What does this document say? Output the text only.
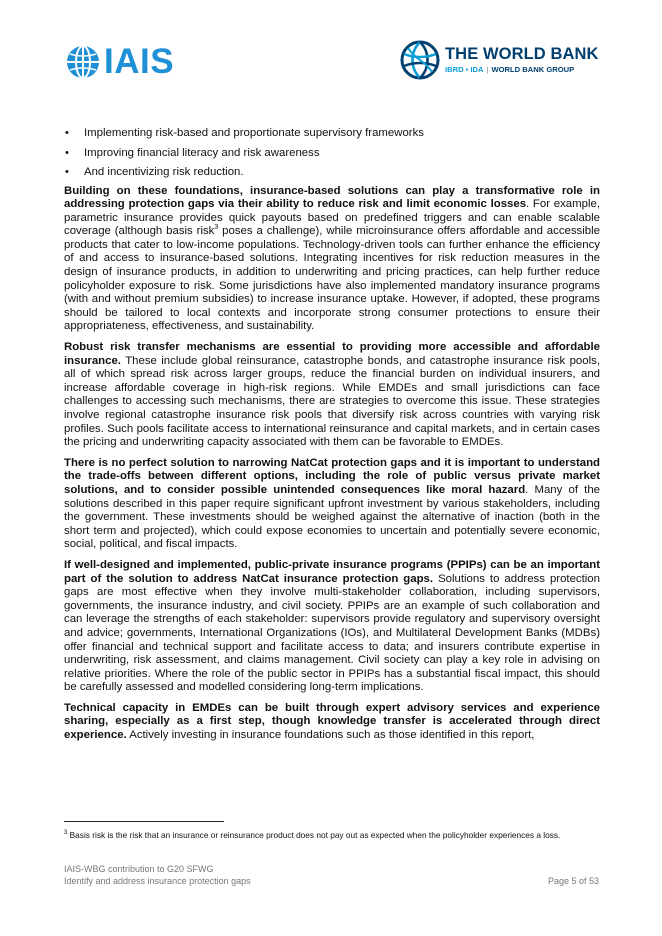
IAIS	THE WORLD BANK
IBRD • IDA | WORLD BANK GROUP
• Implementing risk-based and proportionate supervisory frameworks
• Improving financial literacy and risk awareness
• And incentivizing risk reduction.

Building on these foundations, insurance-based solutions can play a transformative role in addressing protection gaps via their ability to reduce risk and limit economic losses. For example, parametric insurance provides quick payouts based on predefined triggers and can enable scalable coverage (although basis risk$^3$ poses a challenge), while microinsurance offers affordable and accessible products that cater to low-income populations. Technology-driven tools can further enhance the efficiency of and access to insurance-based solutions. Integrating incentives for risk reduction measures in the design of insurance products, in addition to underwriting and pricing practices, can help further reduce policyholder exposure to risk. Some jurisdictions have also implemented mandatory insurance programs (with and without premium subsidies) to increase insurance uptake. However, if adopted, these programs should be tailored to local contexts and incorporate strong consumer protections to ensure their appropriateness, effectiveness, and sustainability.

Robust risk transfer mechanisms are essential to providing more accessible and affordable insurance. These include global reinsurance, catastrophe bonds, and catastrophe insurance risk pools, all of which spread risk across larger groups, reduce the financial burden on individual insurers, and increase affordable coverage in high-risk regions. While EMDEs and small jurisdictions can face challenges to accessing such mechanisms, there are strategies to overcome this issue. These strategies involve regional catastrophe insurance risk pools that diversify risk across countries with varying risk profiles. Such pools facilitate access to international reinsurance and capital markets, and in certain cases the pricing and underwriting capacity associated with them can be favorable to EMDEs.

There is no perfect solution to narrowing NatCat protection gaps and it is important to understand the trade-offs between different options, including the role of public versus private market solutions, and to consider possible unintended consequences like moral hazard. Many of the solutions described in this paper require significant upfront investment by various stakeholders, including the government. These investments should be weighed against the alternative of inaction (both in the short term and projected), which could expose economies to uncertain and potentially severe economic, social, political, and fiscal impacts.

If well-designed and implemented, public-private insurance programs (PPIPs) can be an important part of the solution to address NatCat insurance protection gaps. Solutions to address protection gaps are most effective when they involve multi-stakeholder collaboration, including supervisors, governments, the insurance industry, and civil society. PPIPs are an example of such collaboration and can leverage the strengths of each stakeholder: supervisors provide regulatory and supervisory oversight and advice; governments, International Organizations (IOs), and Multilateral Development Banks (MDBs) offer financial and technical support and facilitate access to data; and insurers contribute expertise in underwriting, risk assessment, and claims management. Civil society can play a key role in advising on relative priorities. Where the role of the public sector in PPIPs has a substantial fiscal impact, this should be carefully assessed and modelled considering long-term implications.

Technical capacity in EMDEs can be built through expert advisory services and experience sharing, especially as a first step, though knowledge transfer is accelerated through direct experience. Actively investing in insurance foundations such as those identified in this report,

$^3$ Basis risk is the risk that an insurance or reinsurance product does not pay out as expected when the policyholder experiences a loss.
IAIS-WBG contribution to G20 SFWG
Identify and address insurance protection gaps	Page 5 of 53
